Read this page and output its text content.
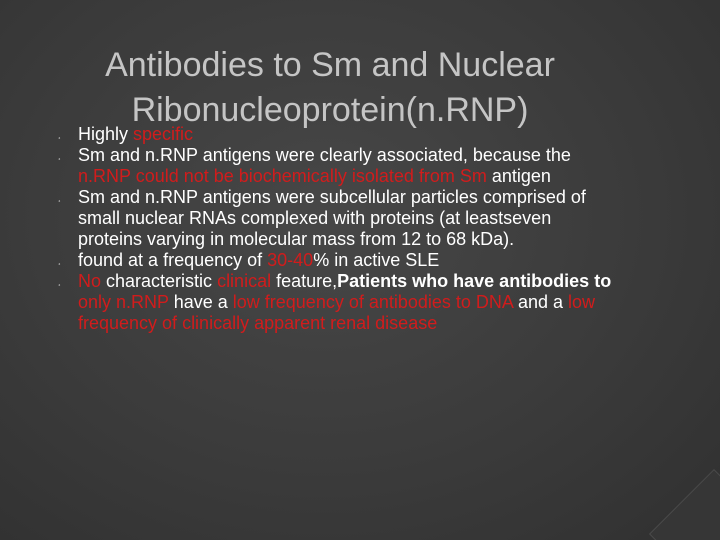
Antibodies to Sm and Nuclear
Ribonucleoprotein(n.RNP)
¸ Highly specific
¸ Sm and n.RNP antigens were clearly associated, because the n.RNP could not be biochemically isolated from Sm antigen
¸ Sm and n.RNP antigens were subcellular particles comprised of small nuclear RNAs complexed with proteins (at leastseven proteins varying in molecular mass from 12 to 68 kDa).
¸ found at a frequency of 30-40% in active SLE
¸ No characteristic clinical feature,Patients who have antibodies to only n.RNP have a low frequency of antibodies to DNA and a low frequency of clinically apparent renal disease
